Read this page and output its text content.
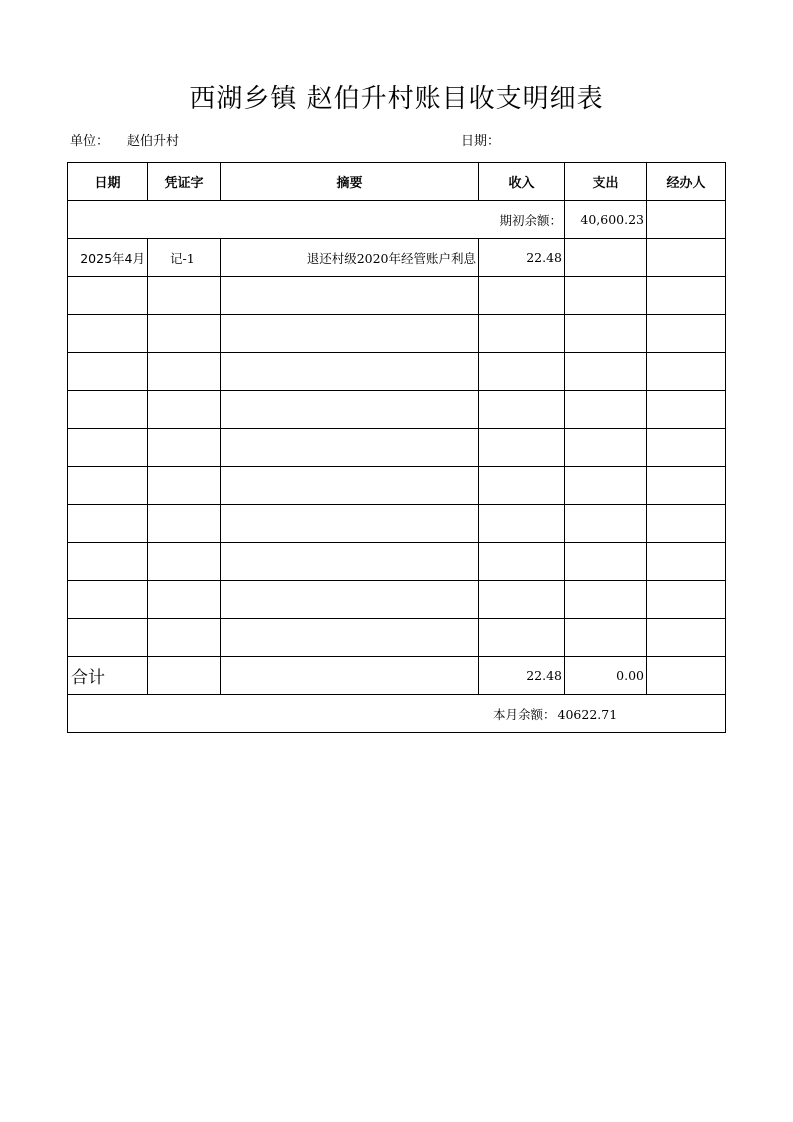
西湖乡镇 赵伯升村账目收支明细表
单位： 赵伯升村	日期：
日期	凭证字	摘要	收入	支出	经办人
期初余额：				40,600.23	
2025年4月	记-1	退还村级2020年经管账户利息	22.48		

合计			22.48	0.00	
本月余额： 40622.71					
